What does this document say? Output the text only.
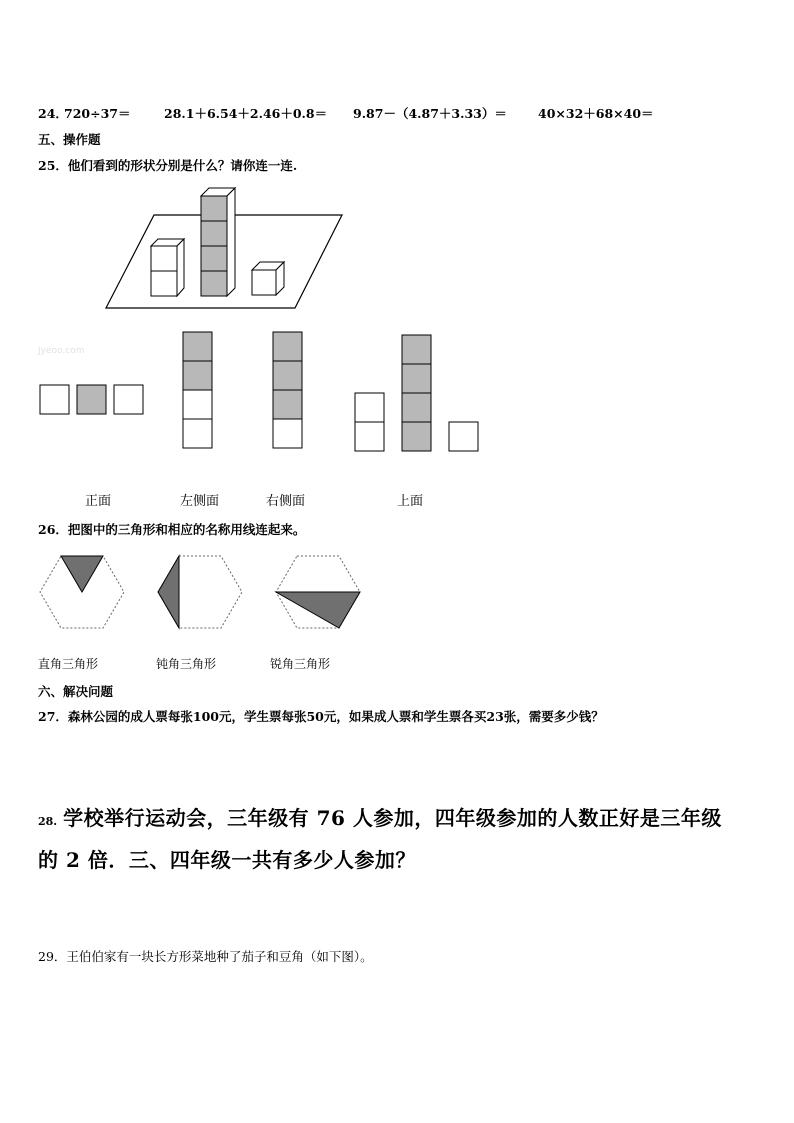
24．
720÷37＝	28.1＋6.54＋2.46＋0.8＝ 9.87－（4.87＋3.33）＝ 40×32＋68×40＝
五、操作题
25．他们看到的形状分别是什么？请你连一连.
Jyeoo.com
正面	左侧面	右侧面	上面
26．把图中的三角形和相应的名称用线连起来。
直角三角形	钝角三角形	锐角三角形
六、解决问题
27．森林公园的成人票每张100元，学生票每张50元，如果成人票和学生票各买23张，需要多少钱？
28. 学校举行运动会，三年级有 76 人参加，四年级参加的人数正好是三年级
的 2 倍．三、四年级一共有多少人参加？
29．王伯伯家有一块长方形菜地种了茄子和豆角（如下图）。
